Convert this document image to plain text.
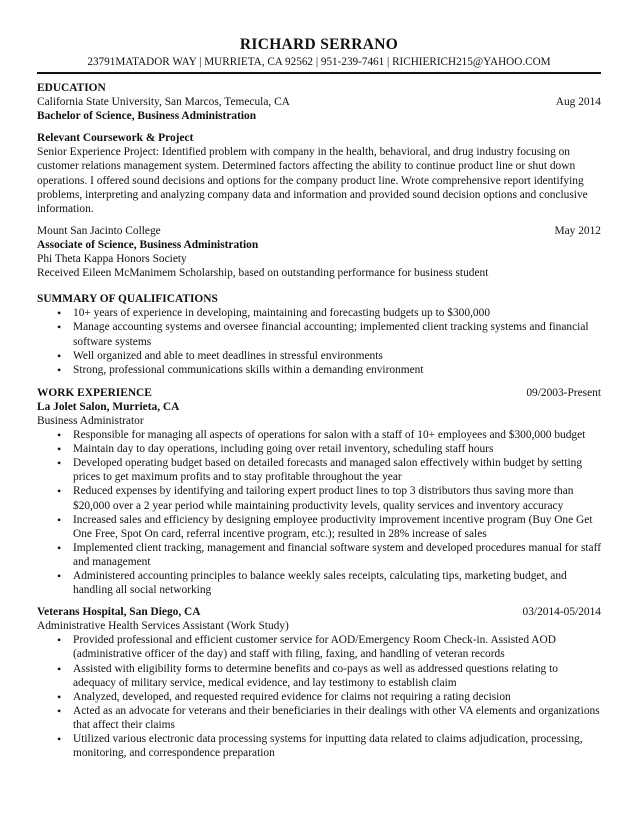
RICHARD SERRANO
23791MATADOR WAY | MURRIETA, CA 92562 | 951-239-7461 | RICHIERICH215@YAHOO.COM
EDUCATION
California State University, San Marcos, Temecula, CA	Aug 2014
Bachelor of Science, Business Administration
Relevant Coursework & Project

Senior Experience Project: Identified problem with company in the health, behavioral, and drug industry focusing on customer relations management system. Determined factors affecting the ability to continue product line or shut down operations. I offered sound decisions and options for the company product line. Wrote comprehensive report identifying problems, interpreting and analyzing company data and information and provided sound decision options and conclusive information.

Mount San Jacinto College	May 2012
Associate of Science, Business Administration
Phi Theta Kappa Honors Society
Received Eileen McManimem Scholarship, based on outstanding performance for business student
SUMMARY OF QUALIFICATIONS
• 10+ years of experience in developing, maintaining and forecasting budgets up to $300,000
• Manage accounting systems and oversee financial accounting; implemented client tracking systems and financial software systems
• Well organized and able to meet deadlines in stressful environments
• Strong, professional communications skills within a demanding environment
WORK EXPERIENCE	09/2003-Present
La Jolet Salon, Murrieta, CA
Business Administrator
• Responsible for managing all aspects of operations for salon with a staff of 10+ employees and $300,000 budget
• Maintain day to day operations, including going over retail inventory, scheduling staff hours
• Developed operating budget based on detailed forecasts and managed salon effectively within budget by setting prices to get maximum profits and to stay profitable throughout the year
• Reduced expenses by identifying and tailoring expert product lines to top 3 distributors thus saving more than $20,000 over a 2 year period while maintaining productivity levels, quality services and inventory accuracy
• Increased sales and efficiency by designing employee productivity improvement incentive program (Buy One Get One Free, Spot On card, referral incentive program, etc.); resulted in 28% increase of sales
• Implemented client tracking, management and financial software system and developed procedures manual for staff and management
• Administered accounting principles to balance weekly sales receipts, calculating tips, marketing budget, and handling all social networking
Veterans Hospital, San Diego, CA	03/2014-05/2014
Administrative Health Services Assistant (Work Study)
• Provided professional and efficient customer service for AOD/Emergency Room Check-in. Assisted AOD (administrative officer of the day) and staff with filing, faxing, and handling of veteran records
• Assisted with eligibility forms to determine benefits and co-pays as well as addressed questions relating to adequacy of military service, medical evidence, and lay testimony to establish claim
• Analyzed, developed, and requested required evidence for claims not requiring a rating decision
• Acted as an advocate for veterans and their beneficiaries in their dealings with other VA elements and organizations that affect their claims
• Utilized various electronic data processing systems for inputting data related to claims adjudication, processing, monitoring, and correspondence preparation
